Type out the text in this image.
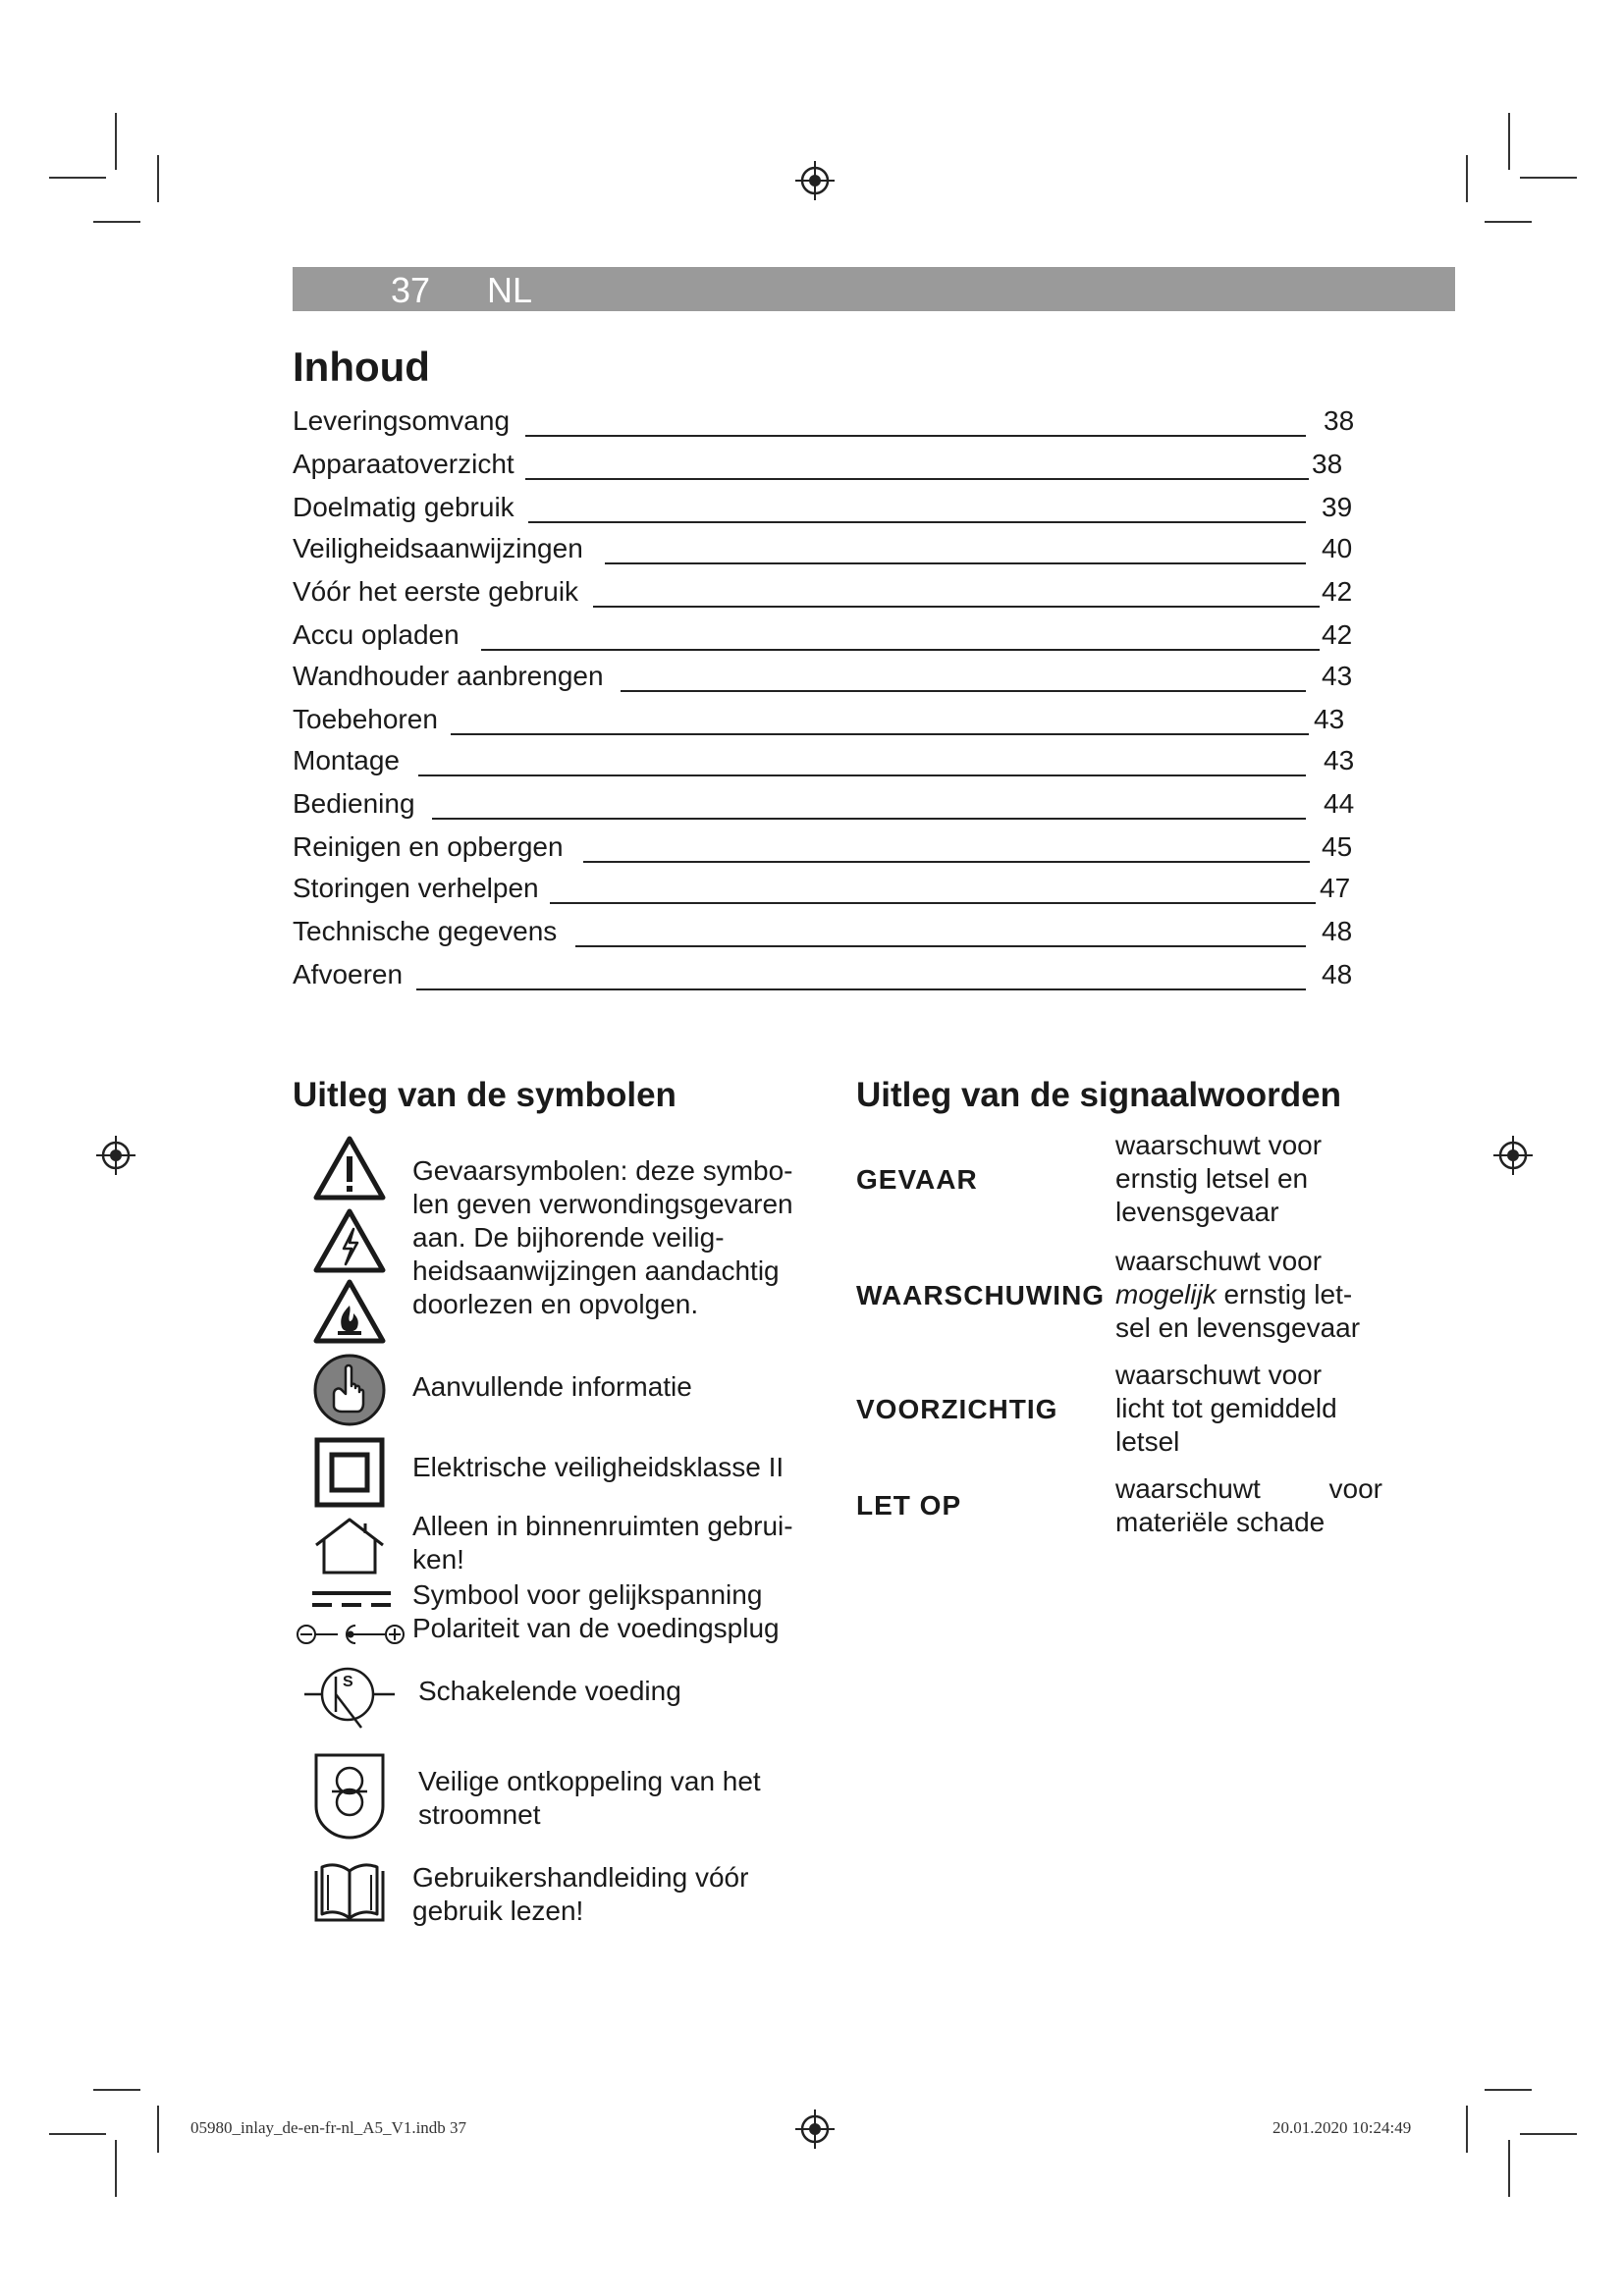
37 NL
Inhoud
Leveringsomvang	38
Apparaatoverzicht	38
Doelmatig gebruik	39
Veiligheidsaanwijzingen	40
Vóór het eerste gebruik	42
Accu opladen	42
Wandhouder aanbrengen	43
Toebehoren	43
Montage	43
Bediening	44
Reinigen en opbergen	45
Storingen verhelpen	47
Technische gegevens	48
Afvoeren	48
Uitleg van de symbolen
Gevaarsymbolen: deze symbo-
len geven verwondingsgevaren
aan. De bijhorende veilig-
heidsaanwijzingen aandachtig
doorlezen en opvolgen.
Aanvullende informatie
Elektrische veiligheidsklasse II
Alleen in binnenruimten gebrui-
ken!
Symbool voor gelijkspanning
Polariteit van de voedingsplug
S Schakelende voeding
Veilige ontkoppeling van het
stroomnet
Gebruikershandleiding vóór
gebruik lezen!
Uitleg van de signaalwoorden
GEVAAR
waarschuwt voor
ernstig letsel en
levensgevaar
WAARSCHUWING
waarschuwt voor
mogelijk ernstig let-
sel en levensgevaar
VOORZICHTIG
waarschuwt voor
licht tot gemiddeld
letsel
LET OP
waarschuwt voor
materiële schade
05980_inlay_de-en-fr-nl_A5_V1.indb 37	20.01.2020 10:24:49
